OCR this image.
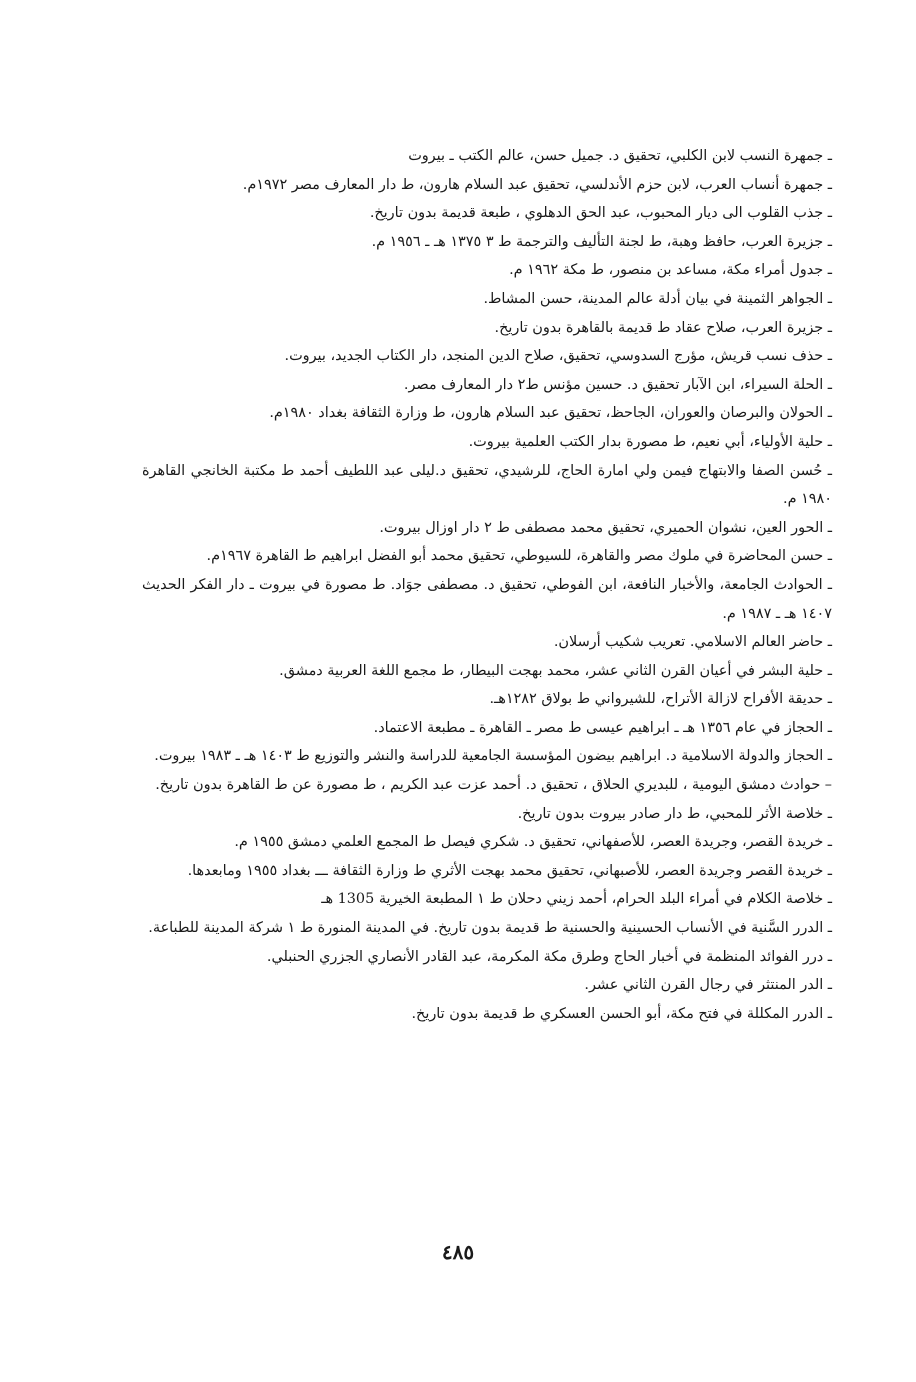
ـ جمهرة النسب لابن الكلبي، تحقيق د. جميل حسن، عالم الكتب ـ بيروت

ـ جمهرة أنساب العرب، لابن حزم الأندلسي، تحقيق عبد السلام هارون، ط دار المعارف مصر ١٩٧٢م.

ـ جذب القلوب الى ديار المحبوب، عبد الحق الدهلوي ، طبعة قديمة بدون تاريخ.

ـ جزيرة العرب، حافظ وهبة، ط لجنة التأليف والترجمة ط ٣ ١٣٧٥ هـ ـ ١٩٥٦ م.

ـ جدول أمراء مكة، مساعد بن منصور، ط مكة ١٩٦٢ م.

ـ الجواهر الثمينة في بيان أدلة عالم المدينة، حسن المشاط.

ـ جزيرة العرب، صلاح عقاد ط قديمة بالقاهرة بدون تاريخ.

ـ حذف نسب قريش، مؤرج السدوسي، تحقيق، صلاح الدين المنجد، دار الكتاب الجديد، بيروت.

ـ الحلة السيراء، ابن الآبار تحقيق د. حسين مؤنس ط٢ دار المعارف مصر.

ـ الحولان والبرصان والعوران، الجاحظ، تحقيق عبد السلام هارون، ط وزارة الثقافة بغداد ١٩٨٠م.

ـ حلية الأولياء، أبي نعيم، ط مصورة بدار الكتب العلمية بيروت.

ـ حُسن الصفا والابتهاج فيمن ولي امارة الحاج، للرشيدي، تحقيق د.ليلى عبد اللطيف أحمد ط مكتبة الخانجي القاهرة ١٩٨٠ م.

ـ الحور العين، نشوان الحميري، تحقيق محمد مصطفى ط ٢ دار اوزال بيروت.

ـ حسن المحاضرة في ملوك مصر والقاهرة، للسيوطي، تحقيق محمد أبو الفضل ابراهيم ط القاهرة ١٩٦٧م.

ـ الحوادث الجامعة، والأخبار النافعة، ابن الفوطي، تحقيق د. مصطفى جوَاد. ط مصورة في بيروت ـ دار الفكر الحديث ١٤٠٧ هـ ـ ١٩٨٧ م.

ـ حاضر العالم الاسلامي. تعريب شكيب أرسلان.

ـ حلية البشر في أعيان القرن الثاني عشر، محمد بهجت البيطار، ط مجمع اللغة العربية دمشق.

ـ حديقة الأفراح لازالة الأتراح، للشيرواني ط بولاق ١٢٨٢هـ.

ـ الحجاز في عام ١٣٥٦ هـ ـ ابراهيم عيسى ط مصر ـ القاهرة ـ مطبعة الاعتماد.

ـ الحجاز والدولة الاسلامية د. ابراهيم بيضون المؤسسة الجامعية للدراسة والنشر والتوزيع ط ١٤٠٣ هـ ـ ١٩٨٣ بيروت.

– حوادث دمشق اليومية ، للبديري الحلاق ، تحقيق د. أحمد عزت عبد الكريم ، ط مصورة عن ط القاهرة بدون تاريخ.

ـ خلاصة الأثر للمحبي، ط دار صادر بيروت بدون تاريخ.

ـ خريدة القصر، وجريدة العصر، للأصفهاني، تحقيق د. شكري فيصل ط المجمع العلمي دمشق ١٩٥٥ م.

ـ خريدة القصر وجريدة العصر، للأصبهاني، تحقيق محمد بهجت الأثري ط وزارة الثقافة ـــ بغداد ١٩٥٥ ومابعدها.

ـ خلاصة الكلام في أمراء البلد الحرام، أحمد زيني دحلان ط ١ المطبعة الخيرية 1305 هـ

ـ الدرر السَّنية في الأنساب الحسينية والحسنية ط قديمة بدون تاريخ. في المدينة المنورة ط ١ شركة المدينة للطباعة.

ـ درر الفوائد المنظمة في أخبار الحاج وطرق مكة المكرمة، عبد القادر الأنصاري الجزري الحنبلي.

ـ الدر المنتثر في رجال القرن الثاني عشر.

ـ الدرر المكللة في فتح مكة، أبو الحسن العسكري ط قديمة بدون تاريخ.

٤٨٥
